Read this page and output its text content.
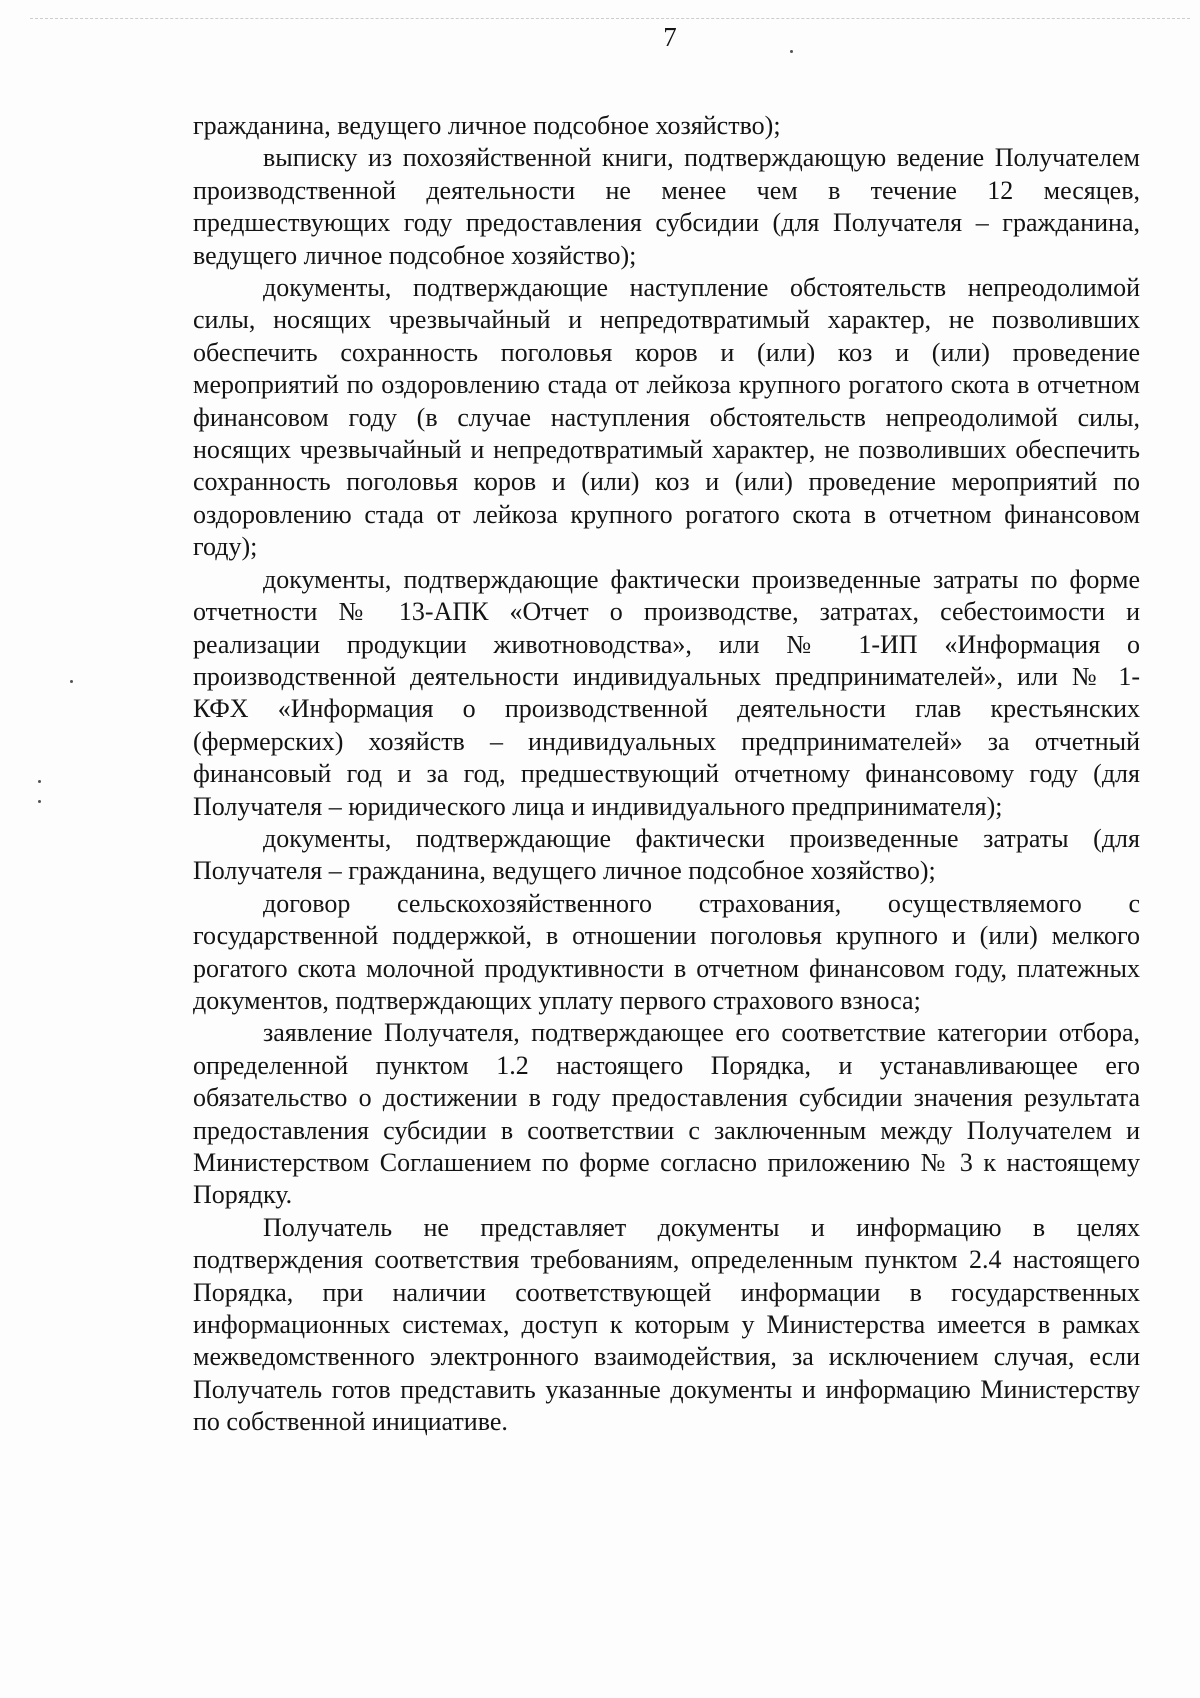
7

гражданина, ведущего личное подсобное хозяйство);

выписку из похозяйственной книги, подтверждающую ведение Получателем производственной деятельности не менее чем в течение 12 месяцев, предшествующих году предоставления субсидии (для Получателя – гражданина, ведущего личное подсобное хозяйство);

документы, подтверждающие наступление обстоятельств непреодолимой силы, носящих чрезвычайный и непредотвратимый характер, не позволивших обеспечить сохранность поголовья коров и (или) коз и (или) проведение мероприятий по оздоровлению стада от лейкоза крупного рогатого скота в отчетном финансовом году (в случае наступления обстоятельств непреодолимой силы, носящих чрезвычайный и непредотвратимый характер, не позволивших обеспечить сохранность поголовья коров и (или) коз и (или) проведение мероприятий по оздоровлению стада от лейкоза крупного рогатого скота в отчетном финансовом году);

документы, подтверждающие фактически произведенные затраты по форме отчетности № 13-АПК «Отчет о производстве, затратах, себестоимости и реализации продукции животноводства», или № 1-ИП «Информация о производственной деятельности индивидуальных предпринимателей», или № 1-КФХ «Информация о производственной деятельности глав крестьянских (фермерских) хозяйств – индивидуальных предпринимателей» за отчетный финансовый год и за год, предшествующий отчетному финансовому году (для Получателя – юридического лица и индивидуального предпринимателя);

документы, подтверждающие фактически произведенные затраты (для Получателя – гражданина, ведущего личное подсобное хозяйство);

договор сельскохозяйственного страхования, осуществляемого с государственной поддержкой, в отношении поголовья крупного и (или) мелкого рогатого скота молочной продуктивности в отчетном финансовом году, платежных документов, подтверждающих уплату первого страхового взноса;

заявление Получателя, подтверждающее его соответствие категории отбора, определенной пунктом 1.2 настоящего Порядка, и устанавливающее его обязательство о достижении в году предоставления субсидии значения результата предоставления субсидии в соответствии с заключенным между Получателем и Министерством Соглашением по форме согласно приложению № 3 к настоящему Порядку.

Получатель не представляет документы и информацию в целях подтверждения соответствия требованиям, определенным пунктом 2.4 настоящего Порядка, при наличии соответствующей информации в государственных информационных системах, доступ к которым у Министерства имеется в рамках межведомственного электронного взаимодействия, за исключением случая, если Получатель готов представить указанные документы и информацию Министерству по собственной инициативе.
